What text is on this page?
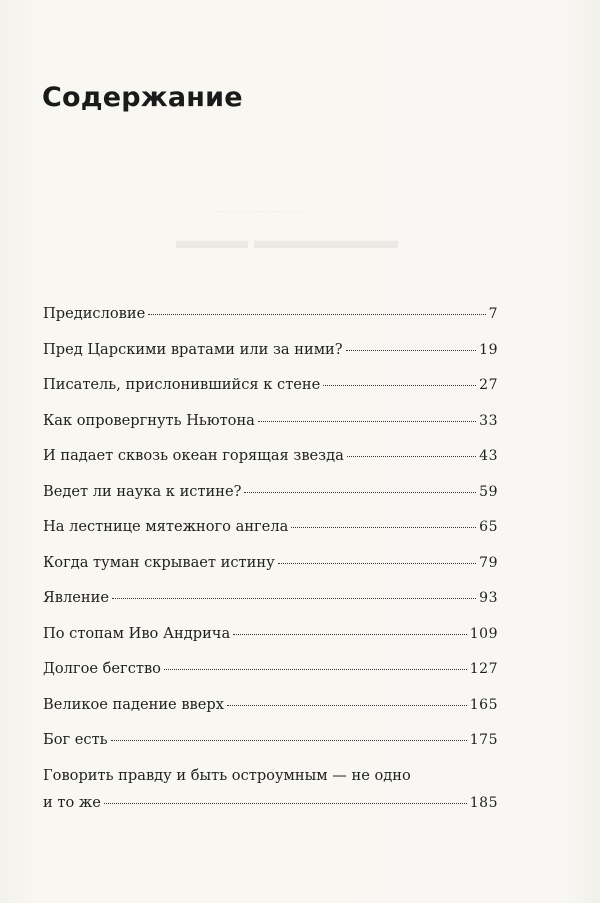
Содержание
· · · · · · · · · · · · · · · · · · ·
— — — — — — —
▬▬▬ ▬▬▬▬▬▬
Предисловие	7
Пред Царскими вратами или за ними?	19
Писатель, прислонившийся к стене	27
Как опровергнуть Ньютона	33
И падает сквозь океан горящая звезда	43
Ведет ли наука к истине?	59
На лестнице мятежного ангела	65
Когда туман скрывает истину	79
Явление	93
По стопам Иво Андрича	109
Долгое бегство	127
Великое падение вверх	165
Бог есть	175
Говорить правду и быть остроумным — не одно
и то же	185
